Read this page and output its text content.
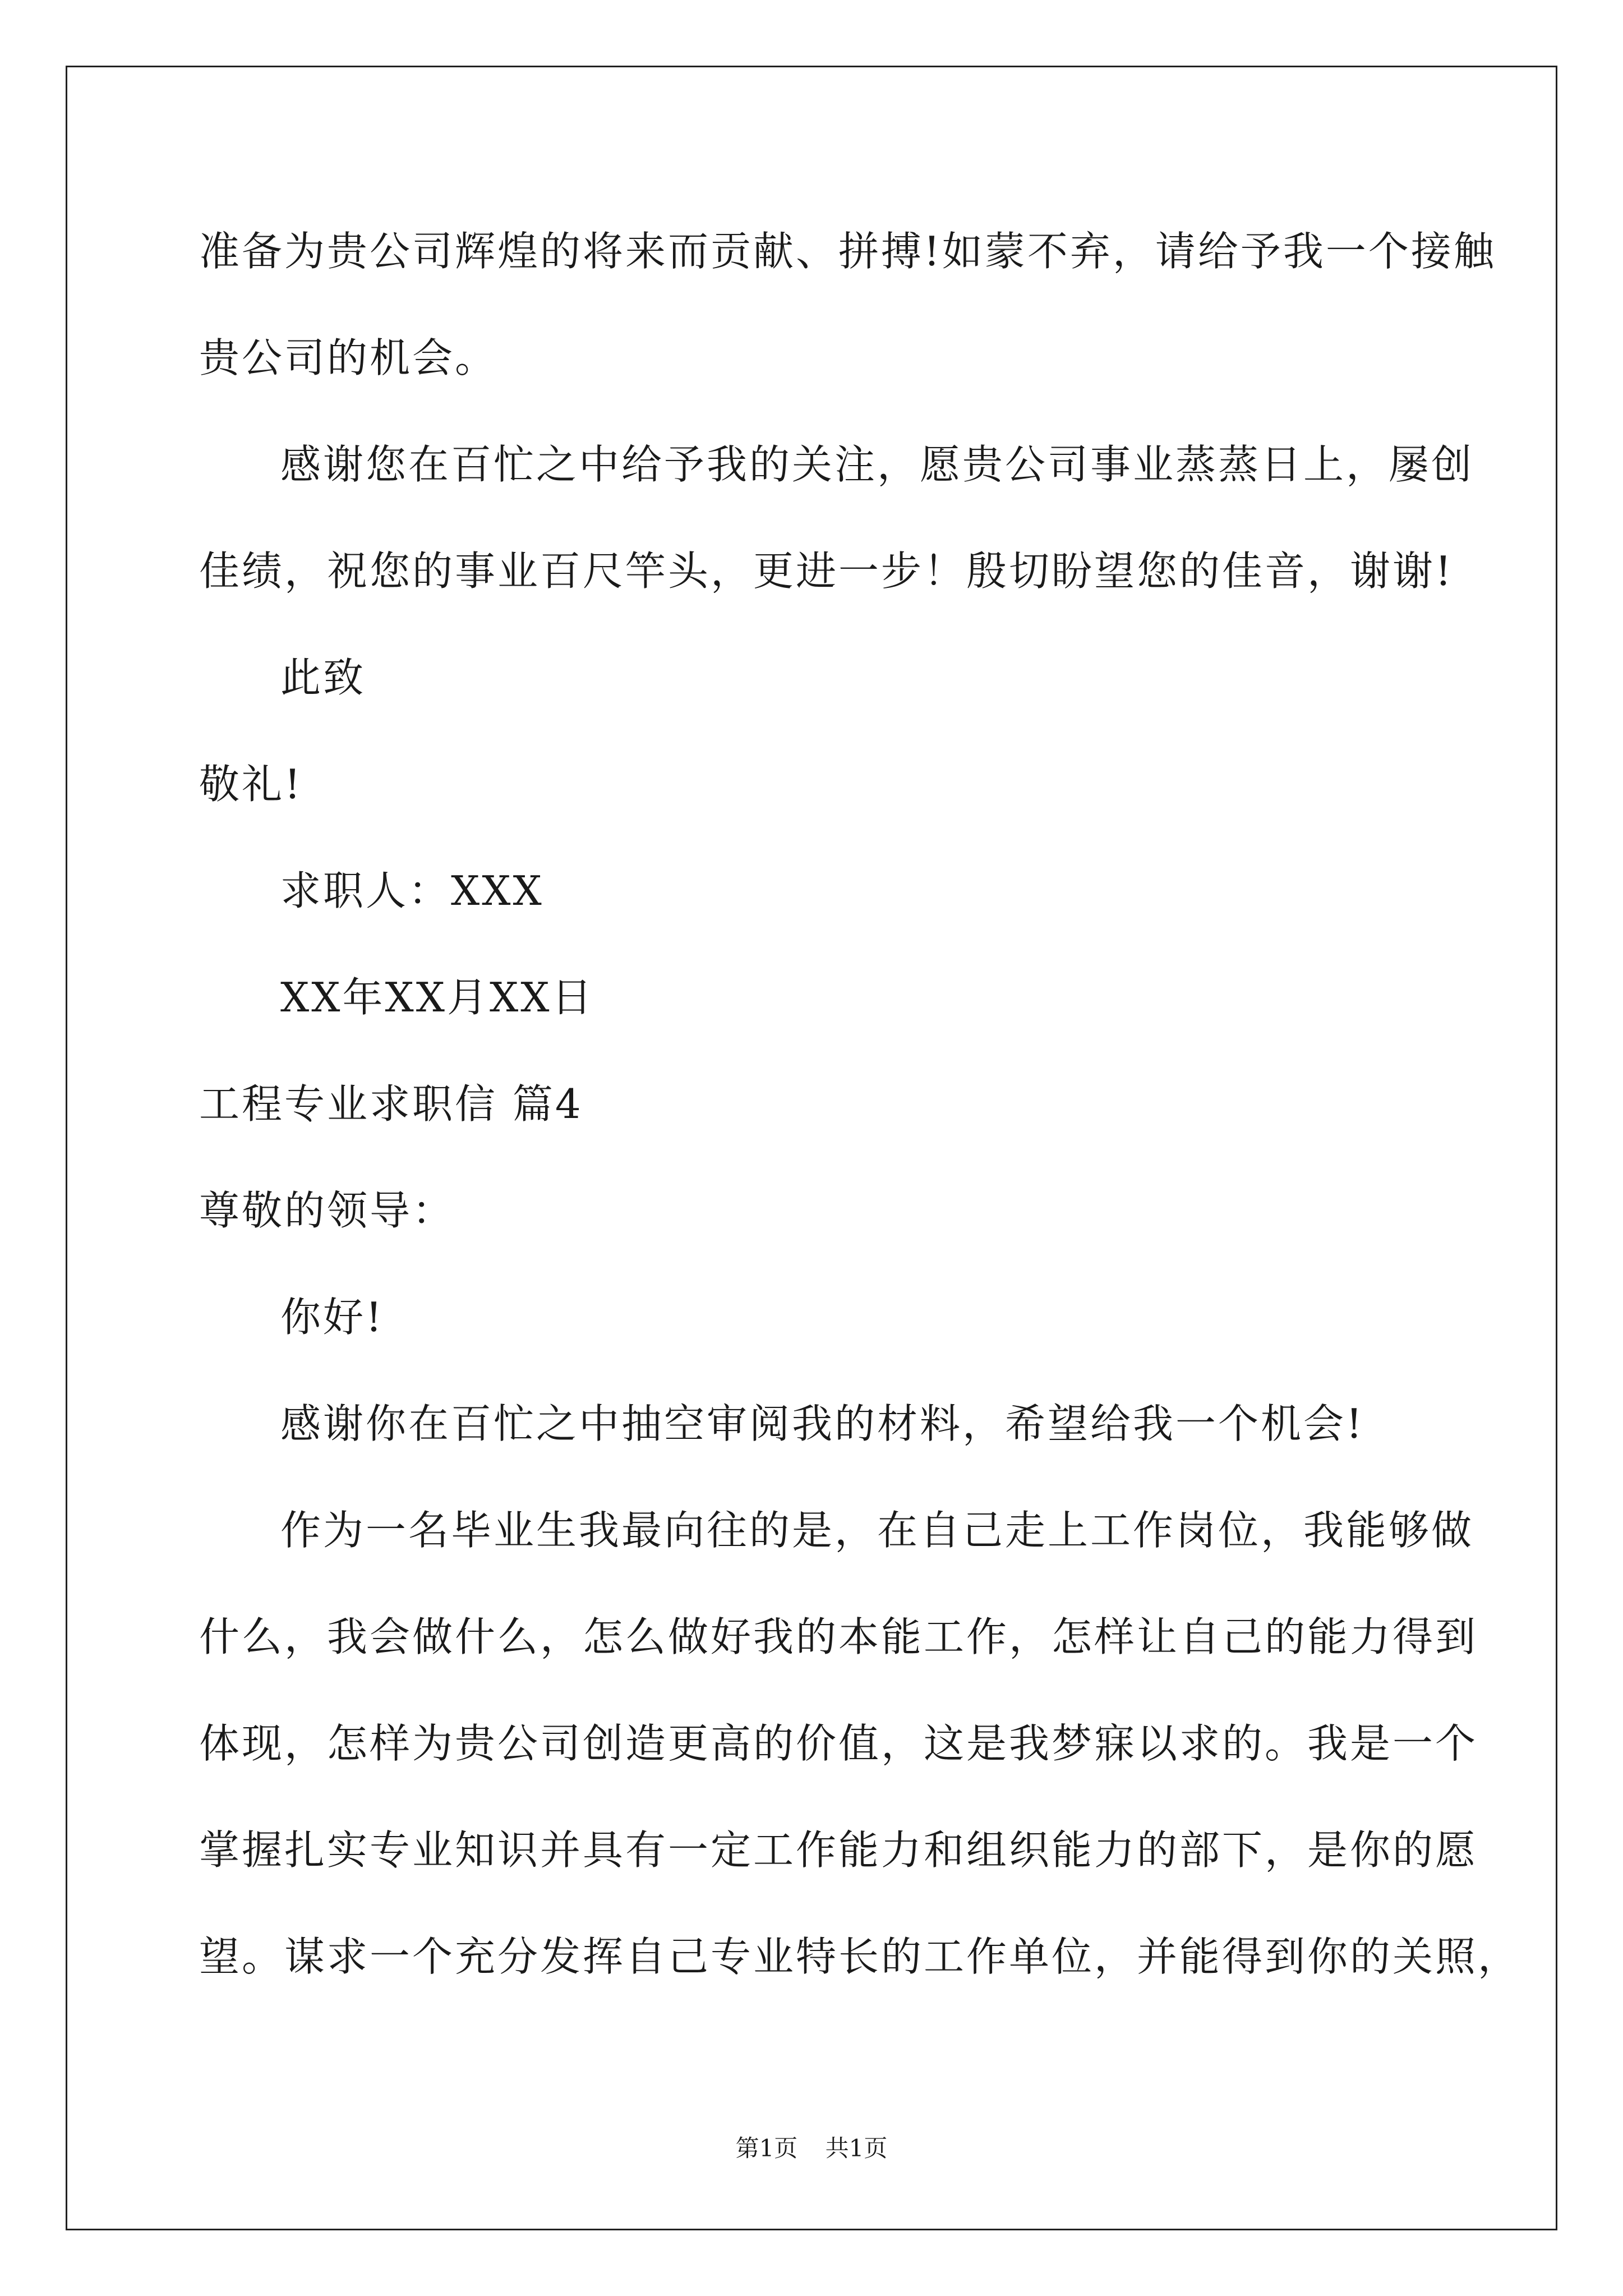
准备为贵公司辉煌的将来而贡献、拼搏!如蒙不弃，请给予我一个接触
贵公司的机会。
感谢您在百忙之中给予我的关注，愿贵公司事业蒸蒸日上，屡创
佳绩，祝您的事业百尺竿头，更进一步！殷切盼望您的佳音，谢谢!
此致
敬礼!
求职人：XXX
XX年XX月XX日
工程专业求职信 篇4
尊敬的领导：
你好!
感谢你在百忙之中抽空审阅我的材料，希望给我一个机会!
作为一名毕业生我最向往的是，在自己走上工作岗位，我能够做
什么，我会做什么，怎么做好我的本能工作，怎样让自己的能力得到
体现，怎样为贵公司创造更高的价值，这是我梦寐以求的。我是一个
掌握扎实专业知识并具有一定工作能力和组织能力的部下，是你的愿
望。谋求一个充分发挥自己专业特长的工作单位，并能得到你的关照，
第1页 共1页
